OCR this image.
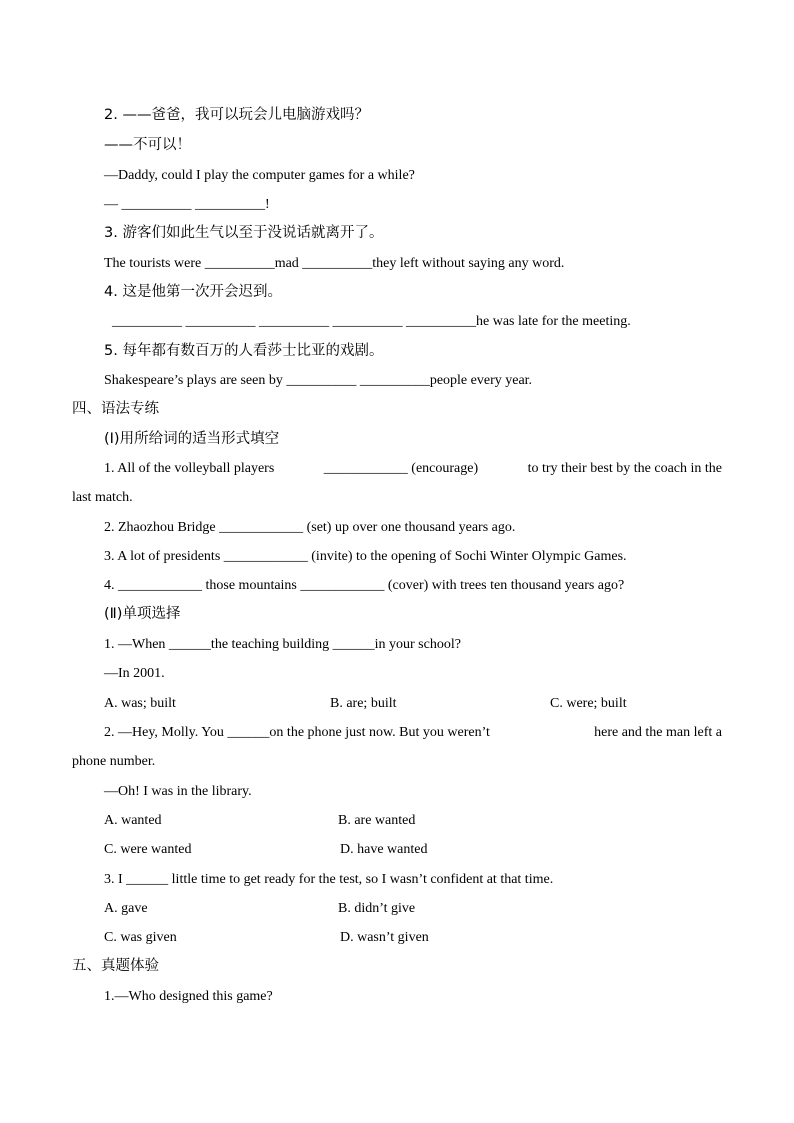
2. ——爸爸，我可以玩会儿电脑游戏吗？
——不可以！
—Daddy, could I play the computer games for a while?
— __________ __________!
3. 游客们如此生气以至于没说话就离开了。
The tourists were __________mad __________they left without saying any word.
4. 这是他第一次开会迟到。
__________ __________ __________ __________ __________he was late for the meeting.
5. 每年都有数百万的人看莎士比亚的戏剧。
Shakespeare’s plays are seen by __________ __________people every year.
四、语法专练
(Ⅰ)用所给词的适当形式填空
1. All of the volleyball players	____________ (encourage)	to try their best by the coach in the
last match.
2. Zhaozhou Bridge ____________ (set) up over one thousand years ago.
3. A lot of presidents ____________ (invite) to the opening of Sochi Winter Olympic Games.
4. ____________ those mountains ____________ (cover) with trees ten thousand years ago?
(Ⅱ)单项选择
1. —When ______the teaching building ______in your school?
—In 2001.
A. was; built	B. are; built	C. were; built
2. —Hey, Molly. You ______on the phone just now. But you weren’t	here and the man left a
phone number.
—Oh! I was in the library.
A. wanted	B. are wanted
C. were wanted	D. have wanted
3. I ______ little time to get ready for the test, so I wasn’t confident at that time.
A. gave	B. didn’t give
C. was given	D. wasn’t given
五、真题体验
1.—Who designed this game?
